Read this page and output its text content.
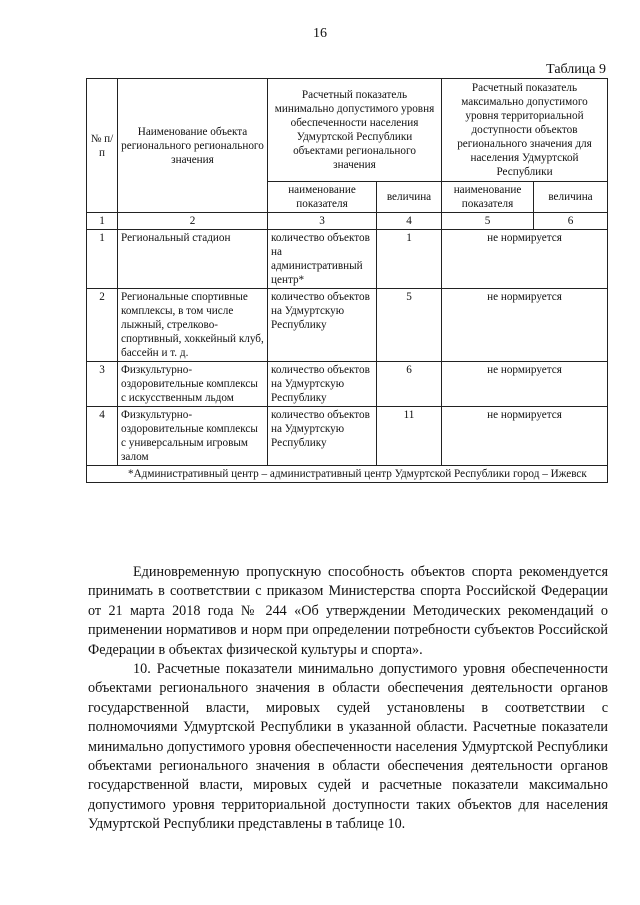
16
Таблица 9
№ п/п	Наименование объекта регионального регионального значения	Расчетный показатель минимально допустимого уровня обеспеченности населения Удмуртской Республики объектами регионального значения		Расчетный показатель максимально допустимого уровня территориальной доступности объектов регионального значения для населения Удмуртской Республики	
		наименование показателя	величина	наименование показателя	величина
1	2	3	4	5	6
1	Региональный стадион	количество объектов на административный центр*	1	не нормируется	
2	Региональные спортивные комплексы, в том числе лыжный, стрелково-спортивный, хоккейный клуб, бассейн и т. д.	количество объектов на Удмуртскую Республику	5	не нормируется	
3	Физкультурно-оздоровительные комплексы с искусственным льдом	количество объектов на Удмуртскую Республику	6	не нормируется	
4	Физкультурно-оздоровительные комплексы с универсальным игровым залом	количество объектов на Удмуртскую Республику	11	не нормируется	
*Административный центр – административный центр Удмуртской Республики город – Ижевск					
Единовременную пропускную способность объектов спорта рекомендуется принимать в соответствии с приказом Министерства спорта Российской Федерации от 21 марта 2018 года № 244 «Об утверждении Методических рекомендаций о применении нормативов и норм при определении потребности субъектов Российской Федерации в объектах физической культуры и спорта».
10. Расчетные показатели минимально допустимого уровня обеспеченности объектами регионального значения в области обеспечения деятельности органов государственной власти, мировых судей установлены в соответствии с полномочиями Удмуртской Республики в указанной области. Расчетные показатели минимально допустимого уровня обеспеченности населения Удмуртской Республики объектами регионального значения в области обеспечения деятельности органов государственной власти, мировых судей и расчетные показатели максимально допустимого уровня территориальной доступности таких объектов для населения Удмуртской Республики представлены в таблице 10.
